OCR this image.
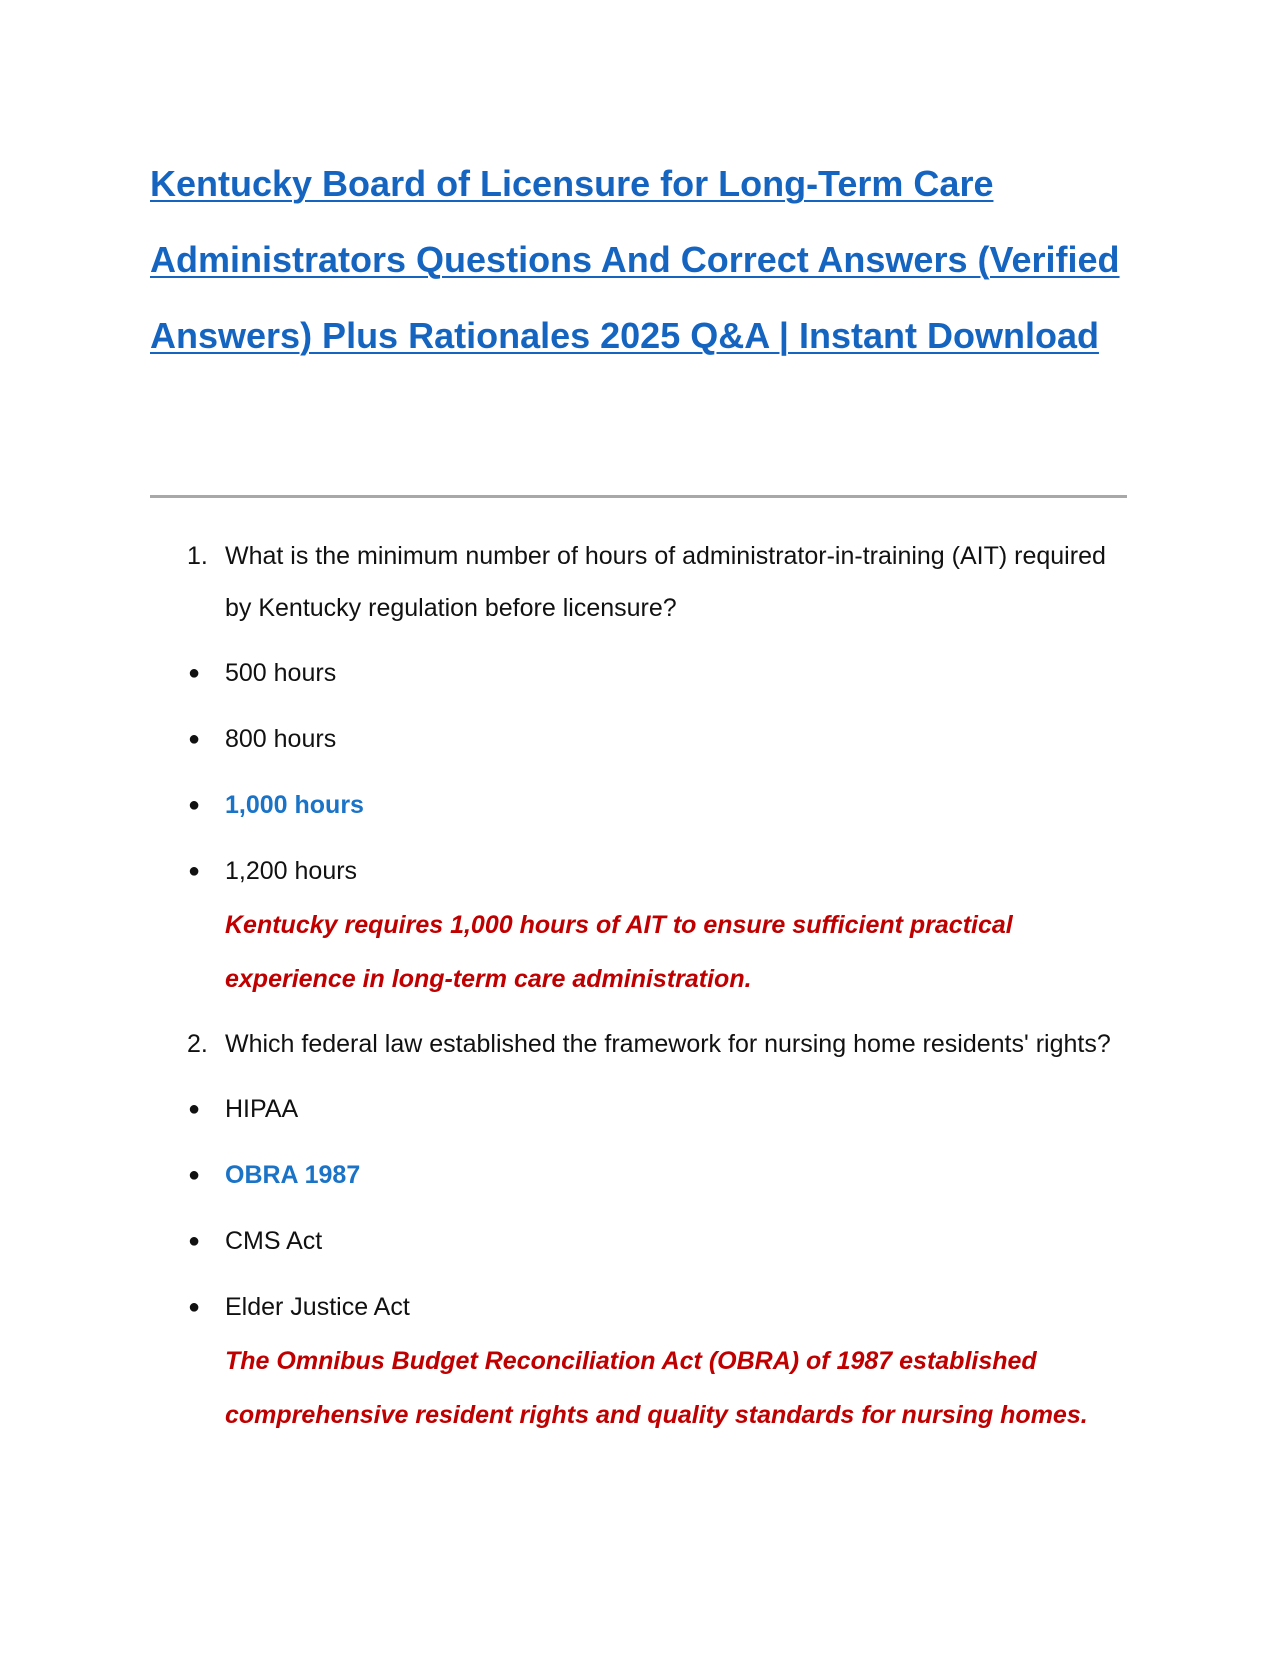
Kentucky Board of Licensure for Long-Term Care Administrators Questions And Correct Answers (Verified Answers) Plus Rationales 2025 Q&A | Instant Download

1. What is the minimum number of hours of administrator-in-training (AIT) required by Kentucky regulation before licensure?

● 500 hours
● 800 hours
● 1,000 hours
● 1,200 hours
Kentucky requires 1,000 hours of AIT to ensure sufficient practical experience in long-term care administration.

2. Which federal law established the framework for nursing home residents' rights?

● HIPAA
● OBRA 1987
● CMS Act
● Elder Justice Act
The Omnibus Budget Reconciliation Act (OBRA) of 1987 established comprehensive resident rights and quality standards for nursing homes.
